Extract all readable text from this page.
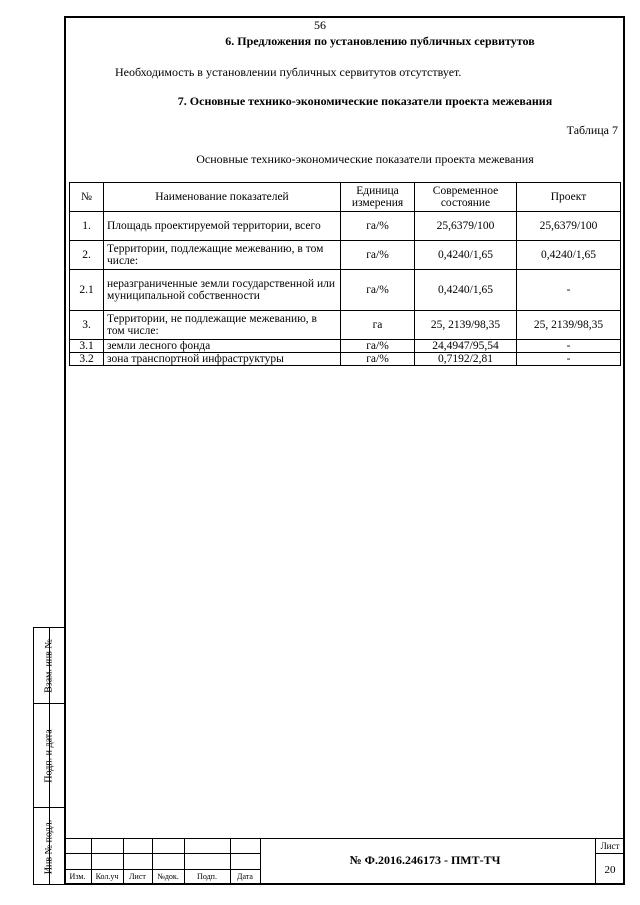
56
6. Предложения по установлению публичных сервитутов
Необходимость в установлении публичных сервитутов отсутствует.
7. Основные технико-экономические показатели проекта межевания
Таблица 7
Основные технико-экономические показатели проекта межевания
№	Наименование показателей	Единица измерения	Современное состояние	Проект
1.	Площадь проектируемой территории, всего	га/%	25,6379/100	25,6379/100
2.	Территории, подлежащие межеванию, в том числе:	га/%	0,4240/1,65	0,4240/1,65
2.1	неразграниченные земли государственной или муниципальной собственности	га/%	0,4240/1,65	-
3.	Территории, не подлежащие межеванию, в том числе:	га	25, 2139/98,35	25, 2139/98,35
3.1	земли лесного фонда	га/%	24,4947/95,54	-
3.2	зона транспортной инфраструктуры	га/%	0,7192/2,81	-
Взам. инв №
Подп. и дата
Инв № подл.
Изм.	Кол.уч	Лист	№док.	Подп.	Дата
№ Ф.2016.246173 - ПМТ-ТЧ
Лист
20
